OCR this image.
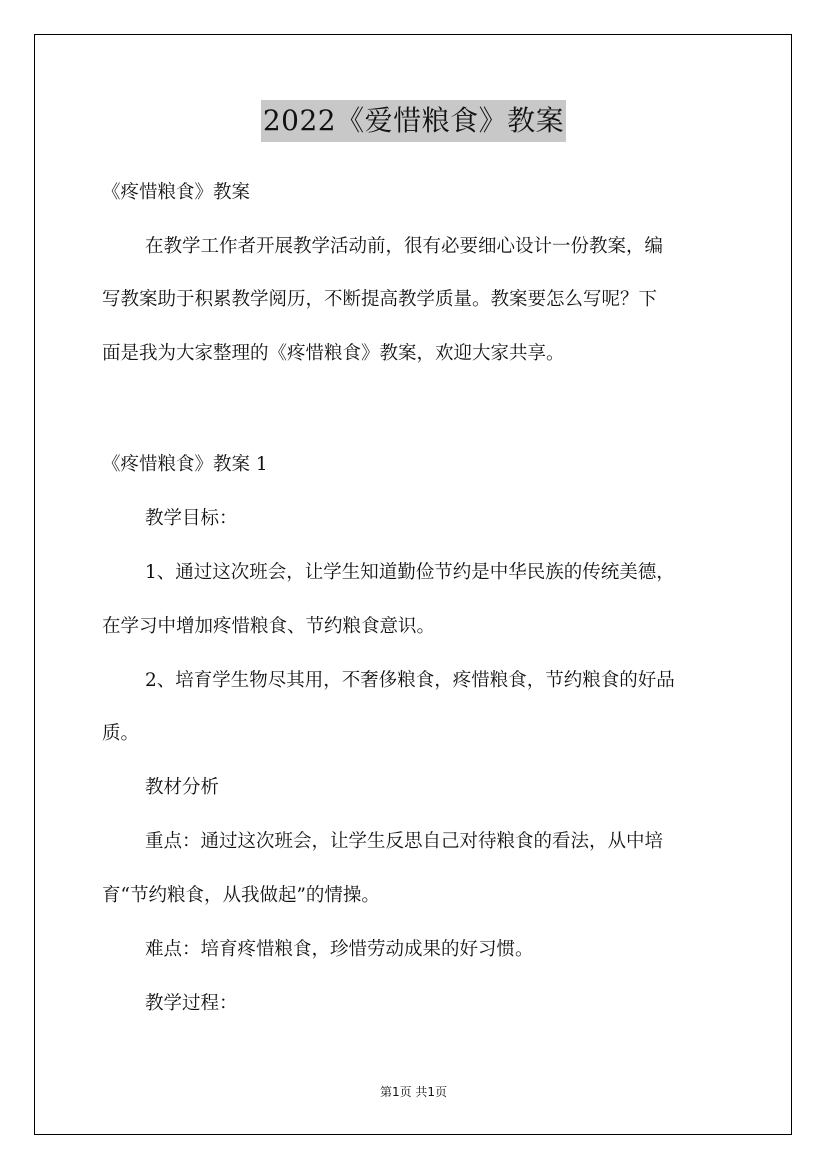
2022《爱惜粮食》教案
《疼惜粮食》教案
在教学工作者开展教学活动前，很有必要细心设计一份教案，编
写教案助于积累教学阅历，不断提高教学质量。教案要怎么写呢？下
面是我为大家整理的《疼惜粮食》教案，欢迎大家共享。
《疼惜粮食》教案 1
教学目标：
1、通过这次班会，让学生知道勤俭节约是中华民族的传统美德，
在学习中增加疼惜粮食、节约粮食意识。
2、培育学生物尽其用，不奢侈粮食，疼惜粮食，节约粮食的好品
质。
教材分析
重点：通过这次班会，让学生反思自己对待粮食的看法，从中培
育“节约粮食，从我做起”的情操。
难点：培育疼惜粮食，珍惜劳动成果的好习惯。
教学过程：
第1页 共1页
